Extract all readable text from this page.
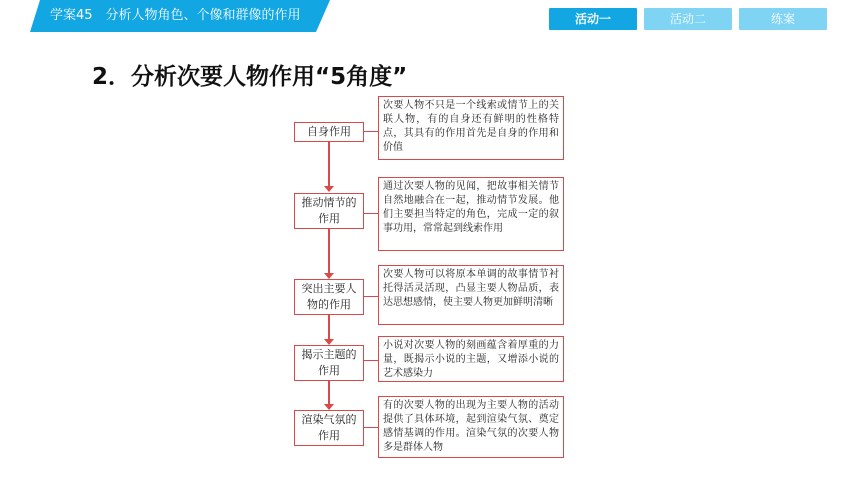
学案45　分析人物角色、个像和群像的作用	活动一	活动二	练案
2．分析次要人物作用“5角度”
次要人物不只是一个线索或情节上的关联人物，有的自身还有鲜明的性格特点，其具有的作用首先是自身的作用和价值
自身作用
通过次要人物的见闻，把故事相关情节自然地融合在一起，推动情节发展。他们主要担当特定的角色，完成一定的叙事功用，常常起到线索作用
推动情节的作用
次要人物可以将原本单调的故事情节衬托得活灵活现，凸显主要人物品质，表达思想感情，使主要人物更加鲜明清晰
突出主要人物的作用
小说对次要人物的刻画蕴含着厚重的力量，既揭示小说的主题，又增添小说的艺术感染力
揭示主题的作用
有的次要人物的出现为主要人物的活动提供了具体环境，起到渲染气氛、奠定感情基调的作用。渲染气氛的次要人物多是群体人物
渲染气氛的作用
